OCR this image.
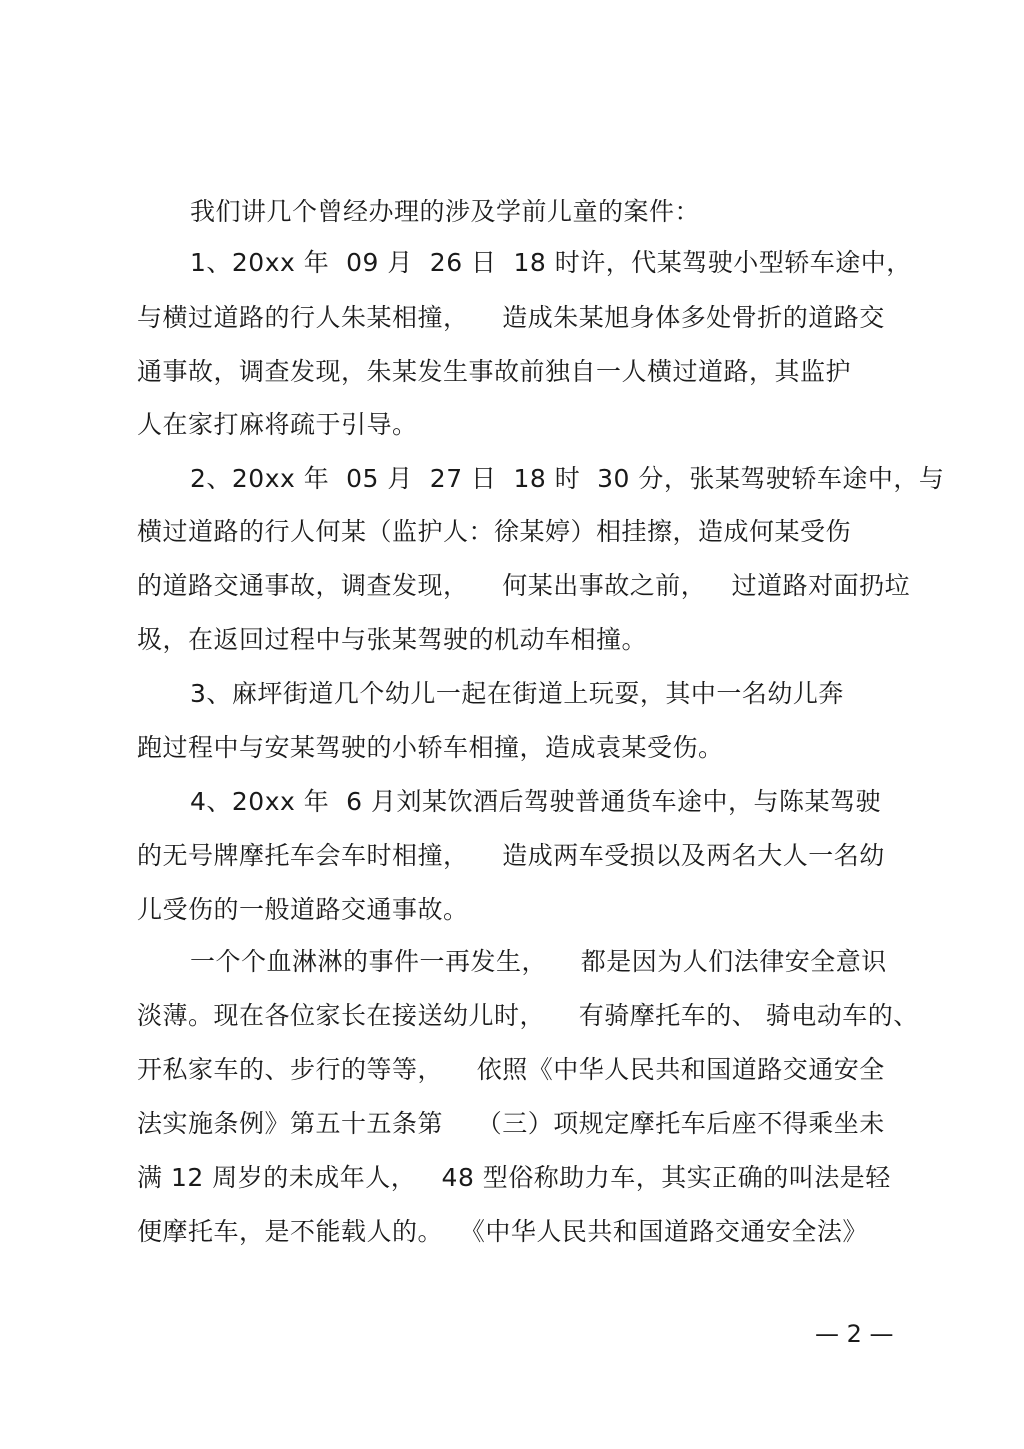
我们讲几个曾经办理的涉及学前儿童的案件：

1、20xx 年  09 月  26 日  18 时许，代某驾驶小型轿车途中，

与横过道路的行人朱某相撞，    造成朱某旭身体多处骨折的道路交

通事故，调查发现，朱某发生事故前独自一人横过道路，其监护

人在家打麻将疏于引导。

2、20xx 年  05 月  27 日  18 时  30 分，张某驾驶轿车途中，与

横过道路的行人何某（监护人：徐某婷）相挂擦，造成何某受伤

的道路交通事故，调查发现，    何某出事故之前，   过道路对面扔垃

圾，在返回过程中与张某驾驶的机动车相撞。

3、麻坪街道几个幼儿一起在街道上玩耍，其中一名幼儿奔

跑过程中与安某驾驶的小轿车相撞，造成袁某受伤。

4、20xx 年  6 月刘某饮酒后驾驶普通货车途中，与陈某驾驶

的无号牌摩托车会车时相撞，    造成两车受损以及两名大人一名幼

儿受伤的一般道路交通事故。

一个个血淋淋的事件一再发生，    都是因为人们法律安全意识

淡薄。现在各位家长在接送幼儿时，    有骑摩托车的、 骑电动车的、

开私家车的、步行的等等，    依照《中华人民共和国道路交通安全

法实施条例》第五十五条第    （三）项规定摩托车后座不得乘坐未

满 12 周岁的未成年人，   48 型俗称助力车，其实正确的叫法是轻

便摩托车，是不能载人的。  《中华人民共和国道路交通安全法》

— 2 —
